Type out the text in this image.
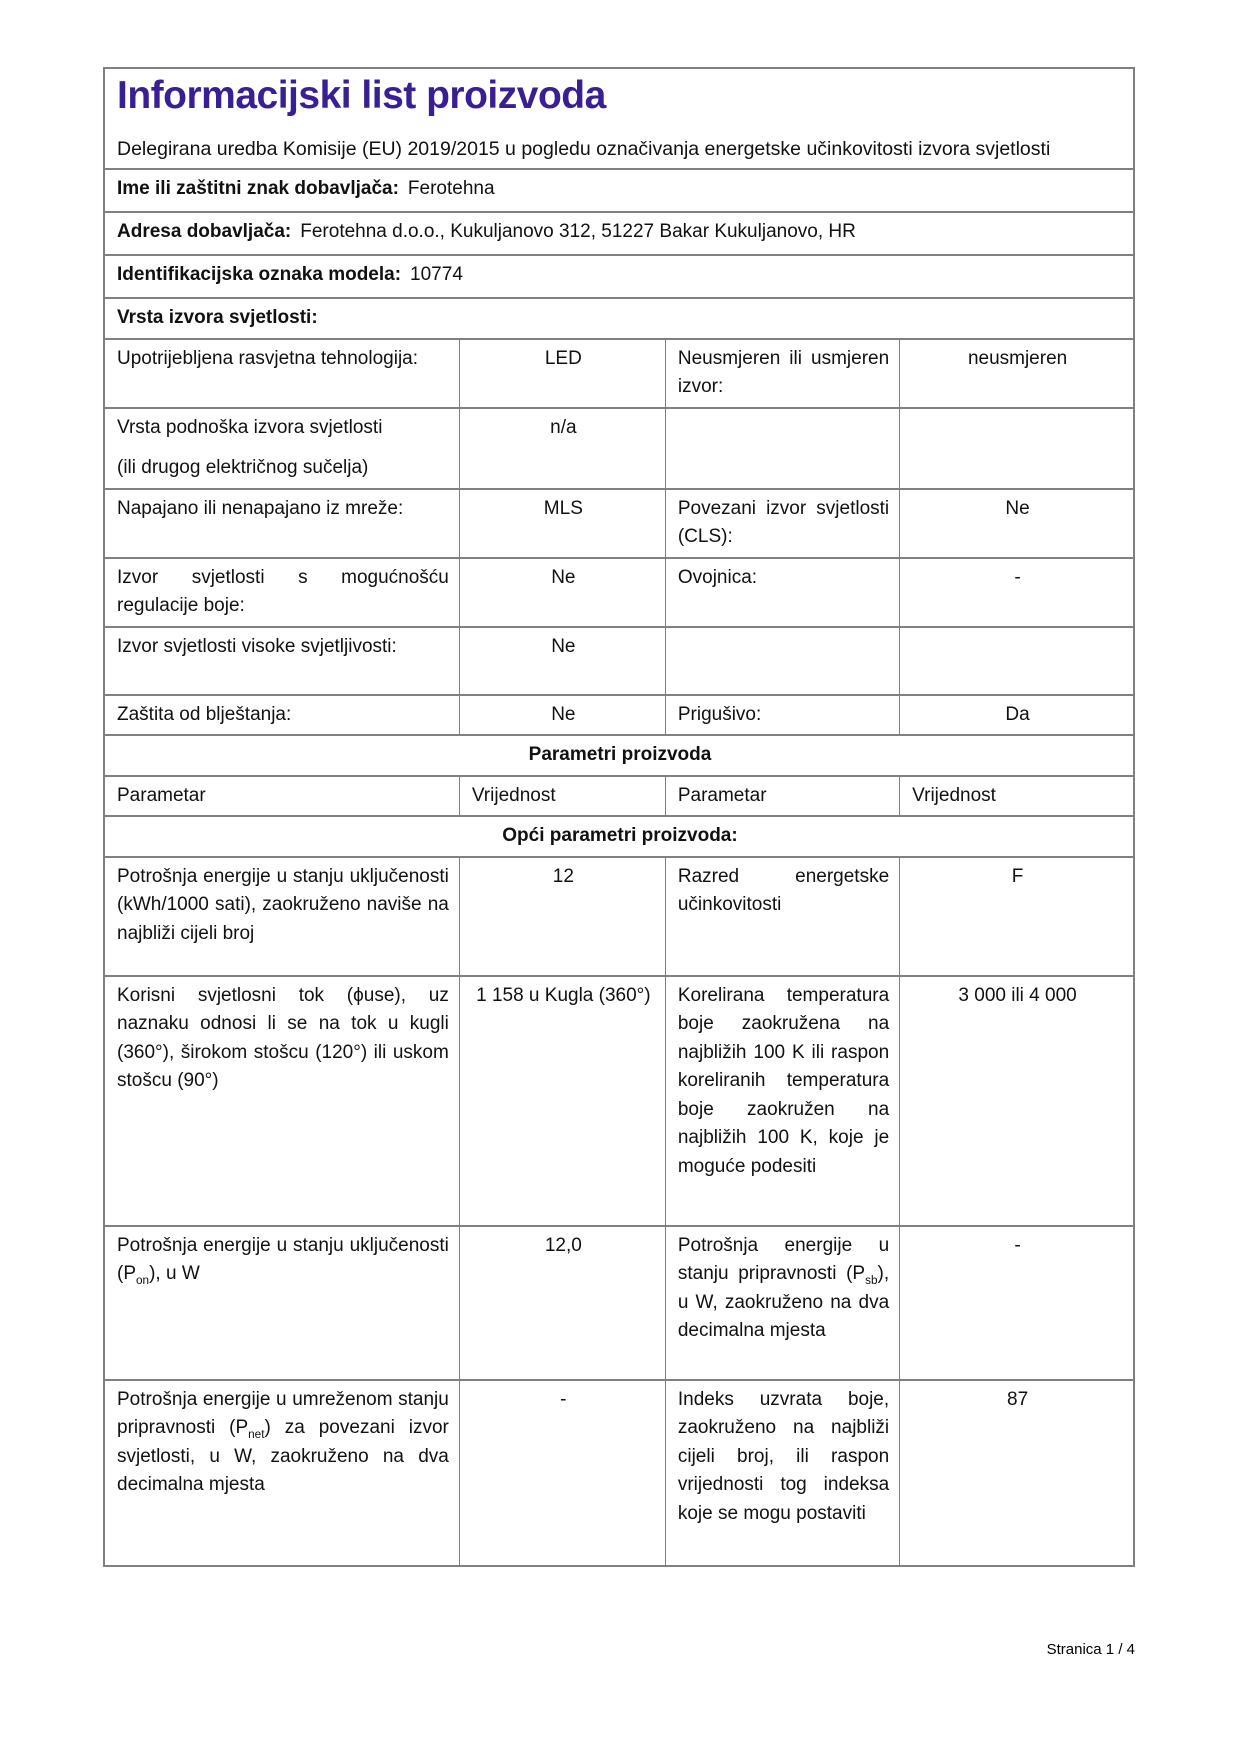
Informacijski list proizvoda

Delegirana uredba Komisije (EU) 2019/2015 u pogledu označivanja energetske učinkovitosti izvora svjetlosti

Ime ili zaštitni znak dobavljača: Ferotehna			
Adresa dobavljača: Ferotehna d.o.o., Kukuljanovo 312, 51227 Bakar Kukuljanovo, HR			
Identifikacijska oznaka modela: 10774			
Vrsta izvora svjetlosti:			
Upotrijebljena rasvjetna tehnologija:	LED	Neusmjeren ili usmjeren izvor:	neusmjeren

Vrsta podnoška izvora svjetlosti
(ili drugog električnog sučelja)	n/a		
Napajano ili nenapajano iz mreže:	MLS	Povezani izvor svjetlosti (CLS):	Ne
Izvor svjetlosti s mogućnošću regulacije boje:	Ne	Ovojnica:	-
Izvor svjetlosti visoke svjetljivosti:	Ne		
Zaštita od blještanja:	Ne	Prigušivo:	Da
Parametri proizvoda			
Parametar	Vrijednost	Parametar	Vrijednost
Opći parametri proizvoda:			
Potrošnja energije u stanju uključenosti (kWh/1000 sati), zaokruženo naviše na najbliži cijeli broj	12	Razred energetske učinkovitosti	F
Korisni svjetlosni tok (ϕuse), uz naznaku odnosi li se na tok u kugli (360°), širokom stošcu (120°) ili uskom stošcu (90°)	1 158 u Kugla (360°)	Korelirana temperatura boje zaokružena na najbližih 100 K ili raspon koreliranih temperatura boje zaokružen na najbližih 100 K, koje je moguće podesiti	3 000 ili 4 000
Potrošnja energije u stanju uključenosti $(P_{on})$, u W	12,0	Potrošnja energije u stanju pripravnosti $(P_{sb})$, u W, zaokruženo na dva decimalna mjesta	-
Potrošnja energije u umreženom stanju pripravnosti $(P_{net})$ za povezani izvor svjetlosti, u W, zaokruženo na dva decimalna mjesta	-	Indeks uzvrata boje, zaokruženo na najbliži cijeli broj, ili raspon vrijednosti tog indeksa koje se mogu postaviti	87
Stranica 1 / 4
